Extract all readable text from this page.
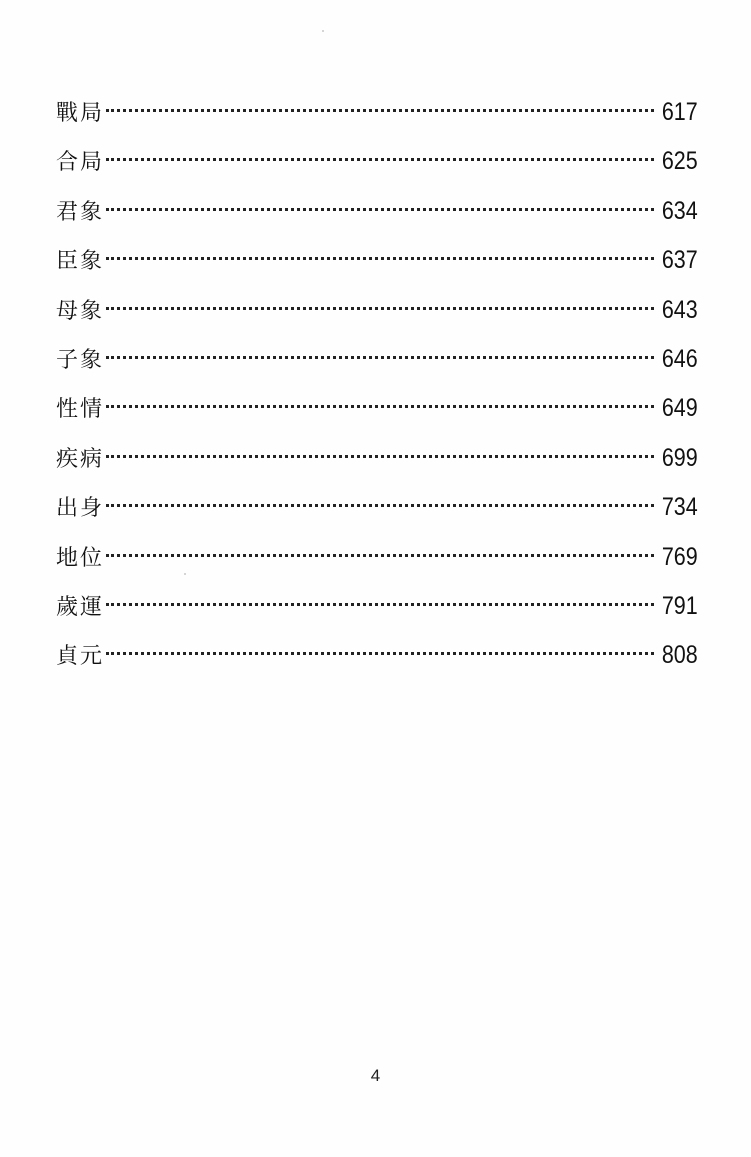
戰局	617
合局	625
君象	634
臣象	637
母象	643
子象	646
性情	649
疾病	699
出身	734
地位	769
歲運	791
貞元	808
4
